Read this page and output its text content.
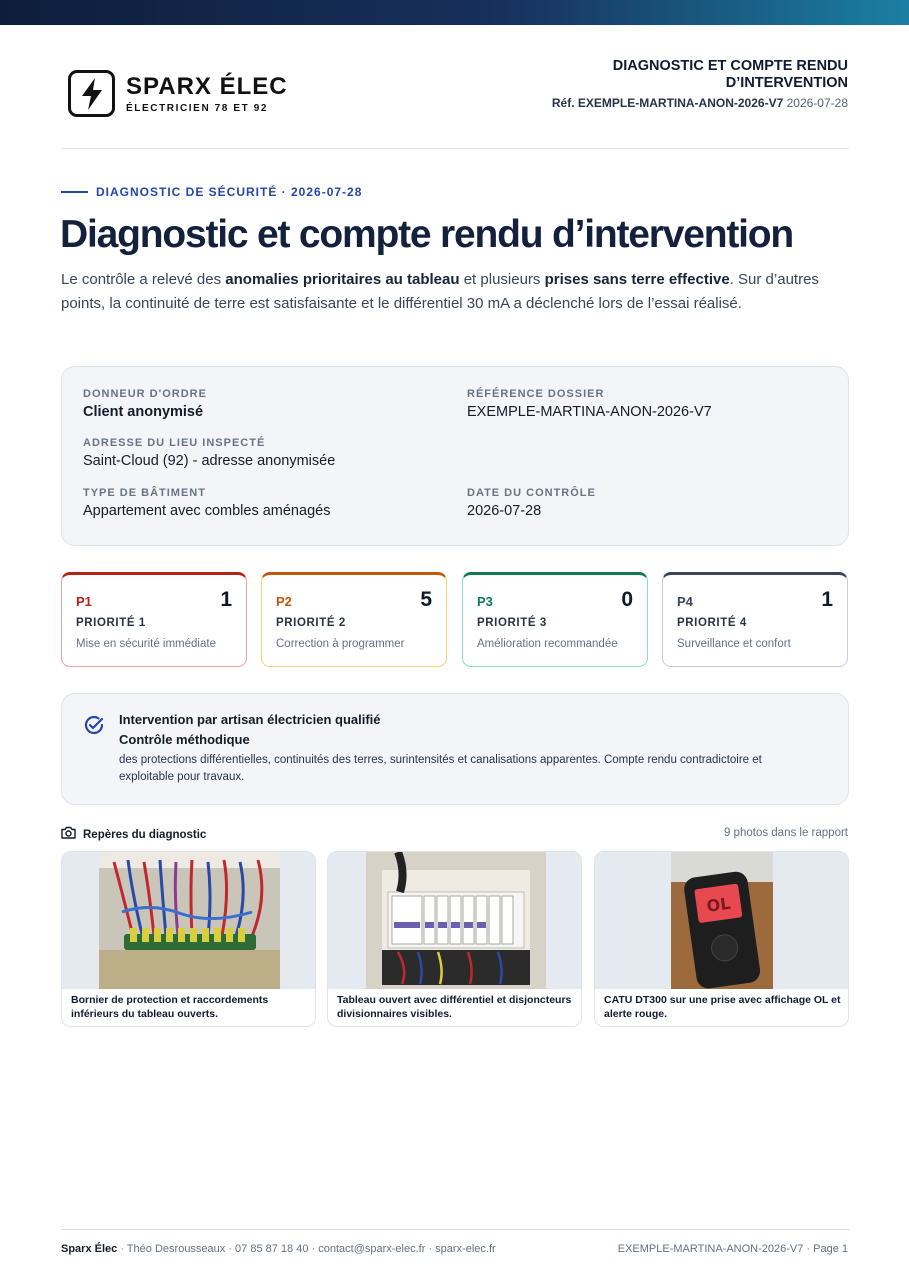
SPARX ÉLEC
ÉLECTRICIEN 78 ET 92
DIAGNOSTIC ET COMPTE RENDU D’INTERVENTION
Réf. EXEMPLE-MARTINA-ANON-2026-V7 2026-07-28
DIAGNOSTIC DE SÉCURITÉ · 2026-07-28
Diagnostic et compte rendu d’intervention

Le contrôle a relevé des anomalies prioritaires au tableau et plusieurs prises sans terre effective. Sur d’autres points, la continuité de terre est satisfaisante et le différentiel 30 mA a déclenché lors de l’essai réalisé.

DONNEUR D'ORDRE
Client anonymisé
RÉFÉRENCE DOSSIER
EXEMPLE-MARTINA-ANON-2026-V7
ADRESSE DU LIEU INSPECTÉ
Saint-Cloud (92) - adresse anonymisée
TYPE DE BÂTIMENT
Appartement avec combles aménagés
DATE DU CONTRÔLE
2026-07-28
P1	1
PRIORITÉ 1
Mise en sécurité immédiate
P2	5
PRIORITÉ 2
Correction à programmer
P3	0
PRIORITÉ 3
Amélioration recommandée
P4	1
PRIORITÉ 4
Surveillance et confort
Intervention par artisan électricien qualifié
Contrôle méthodique
des protections différentielles, continuités des terres, surintensités et canalisations apparentes. Compte rendu contradictoire et exploitable pour travaux.
Repères du diagnostic	9 photos dans le rapport
Bornier de protection et raccordements inférieurs du tableau ouverts.
Tableau ouvert avec différentiel et disjoncteurs divisionnaires visibles.
OL
CATU DT300 sur une prise avec affichage OL et alerte rouge.
Sparx Élec · Théo Desrousseaux · 07 85 87 18 40 · contact@sparx-elec.fr · sparx-elec.fr	EXEMPLE-MARTINA-ANON-2026-V7 · Page 1
